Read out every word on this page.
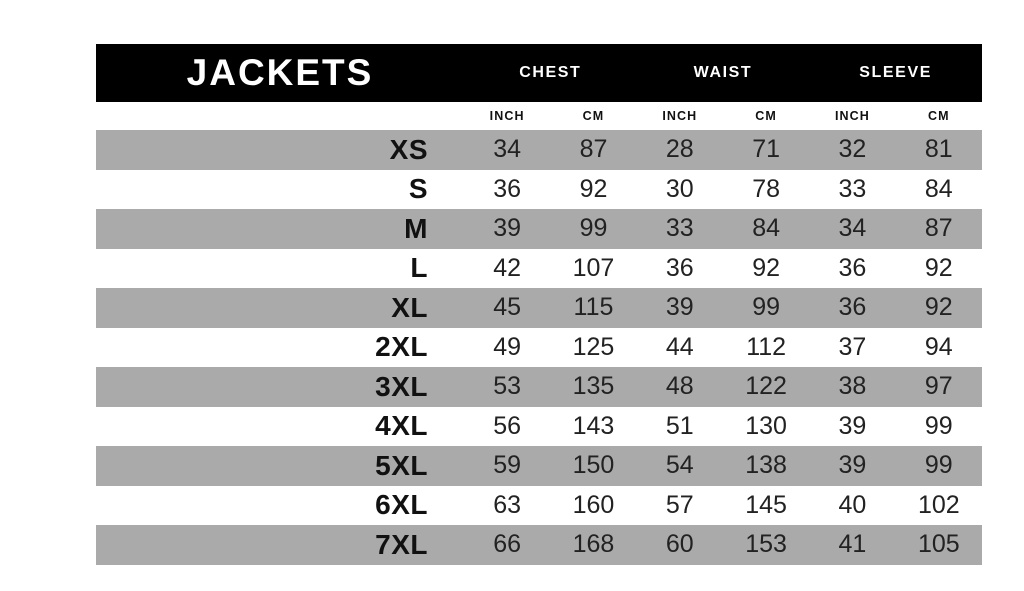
JACKETS	CHEST		WAIST		SLEEVE	
	INCH	CM	INCH	CM	INCH	CM
XS	34	87	28	71	32	81
S	36	92	30	78	33	84
M	39	99	33	84	34	87
L	42	107	36	92	36	92
XL	45	115	39	99	36	92
2XL	49	125	44	112	37	94
3XL	53	135	48	122	38	97
4XL	56	143	51	130	39	99
5XL	59	150	54	138	39	99
6XL	63	160	57	145	40	102
7XL	66	168	60	153	41	105
